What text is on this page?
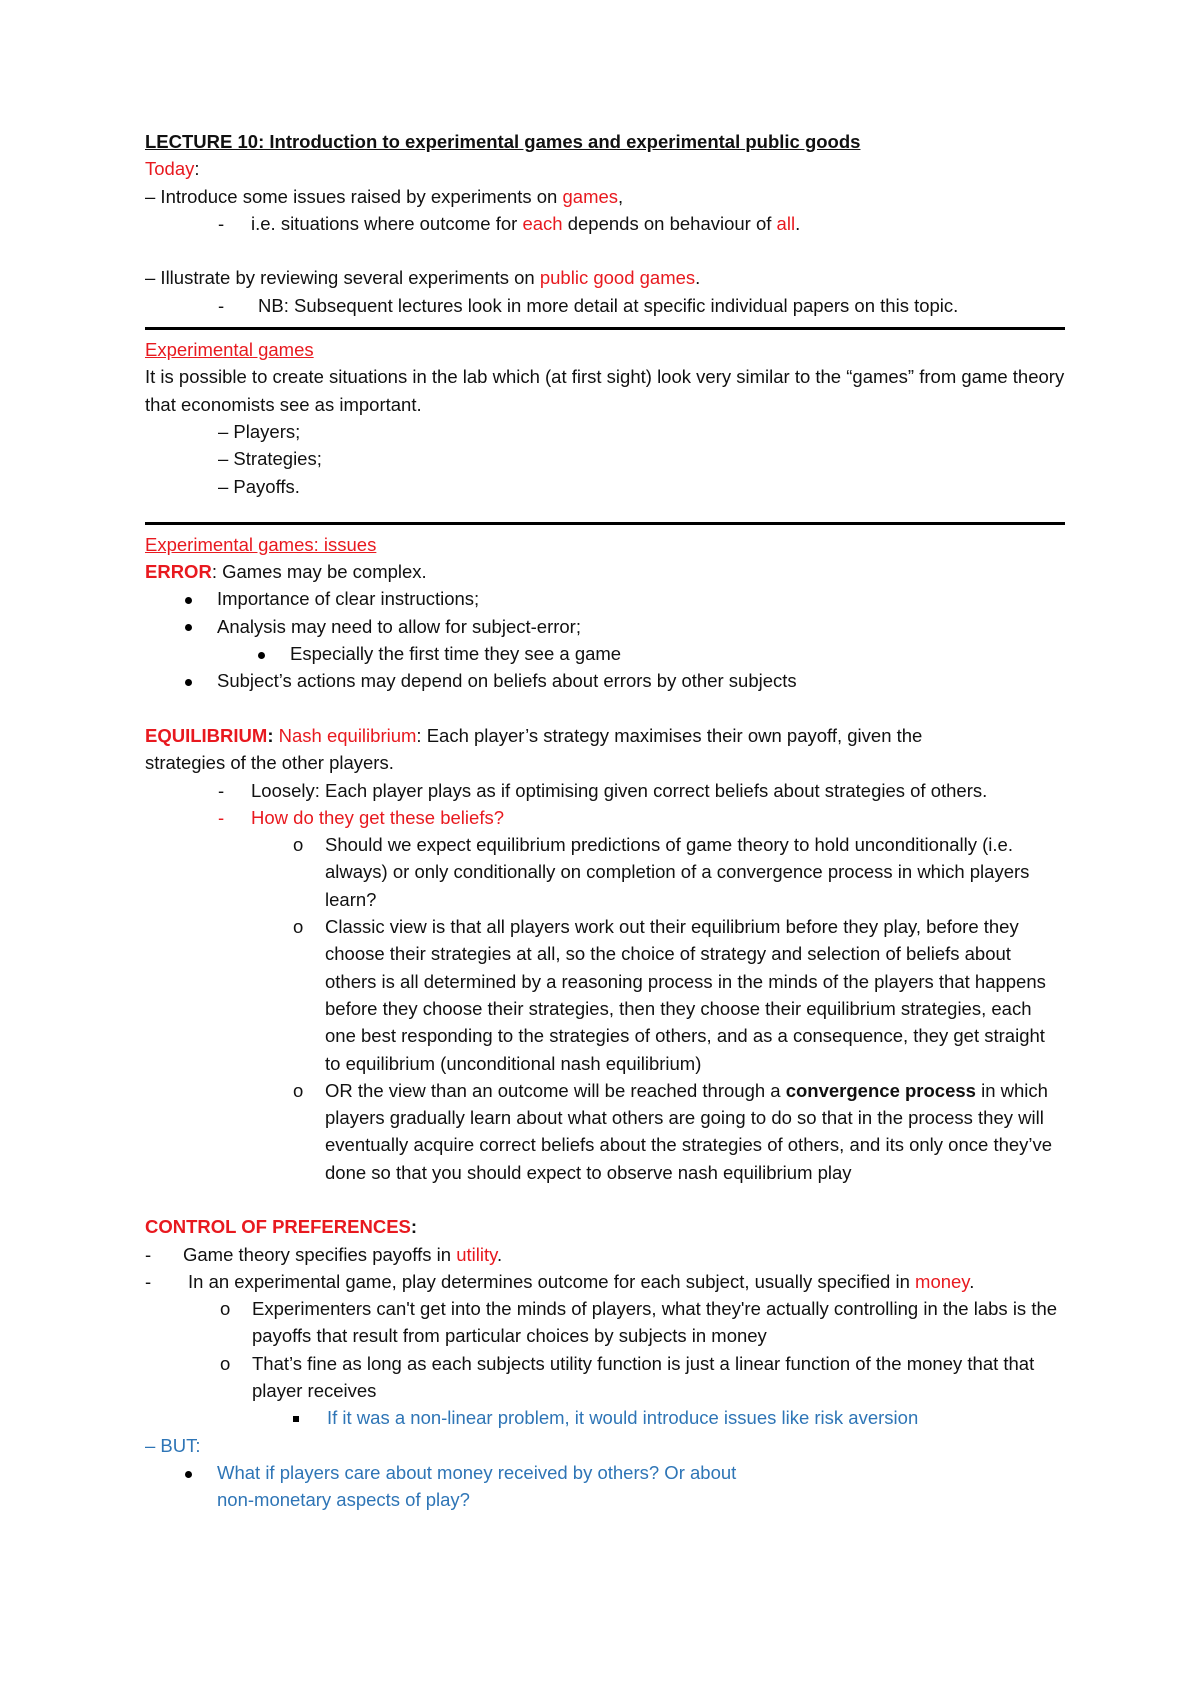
LECTURE 10: Introduction to experimental games and experimental public goods
Today:
– Introduce some issues raised by experiments on games,
-	i.e. situations where outcome for each depends on behaviour of all.
– Illustrate by reviewing several experiments on public good games.
-	NB: Subsequent lectures look in more detail at specific individual papers on this topic.
Experimental games
It is possible to create situations in the lab which (at first sight) look very similar to the “games” from game theory that economists see as important.
– Players;
– Strategies;
– Payoffs.
Experimental games: issues
ERROR: Games may be complex.
Importance of clear instructions;
Analysis may need to allow for subject-error;
Especially the first time they see a game
Subject’s actions may depend on beliefs about errors by other subjects
EQUILIBRIUM: Nash equilibrium: Each player’s strategy maximises their own payoff, given the strategies of the other players.
-	Loosely: Each player plays as if optimising given correct beliefs about strategies of others.
-	How do they get these beliefs?
o	Should we expect equilibrium predictions of game theory to hold unconditionally (i.e. always) or only conditionally on completion of a convergence process in which players learn?
o	Classic view is that all players work out their equilibrium before they play, before they choose their strategies at all, so the choice of strategy and selection of beliefs about others is all determined by a reasoning process in the minds of the players that happens before they choose their strategies, then they choose their equilibrium strategies, each one best responding to the strategies of others, and as a consequence, they get straight to equilibrium (unconditional nash equilibrium)
o	OR the view than an outcome will be reached through a convergence process in which players gradually learn about what others are going to do so that in the process they will eventually acquire correct beliefs about the strategies of others, and its only once they’ve done so that you should expect to observe nash equilibrium play
CONTROL OF PREFERENCES:
-	Game theory specifies payoffs in utility.
-	In an experimental game, play determines outcome for each subject, usually specified in money.
o	Experimenters can't get into the minds of players, what they're actually controlling in the labs is the payoffs that result from particular choices by subjects in money
o	That’s fine as long as each subjects utility function is just a linear function of the money that that player receives
If it was a non-linear problem, it would introduce issues like risk aversion
– BUT:
What if players care about money received by others? Or about
non-monetary aspects of play?
